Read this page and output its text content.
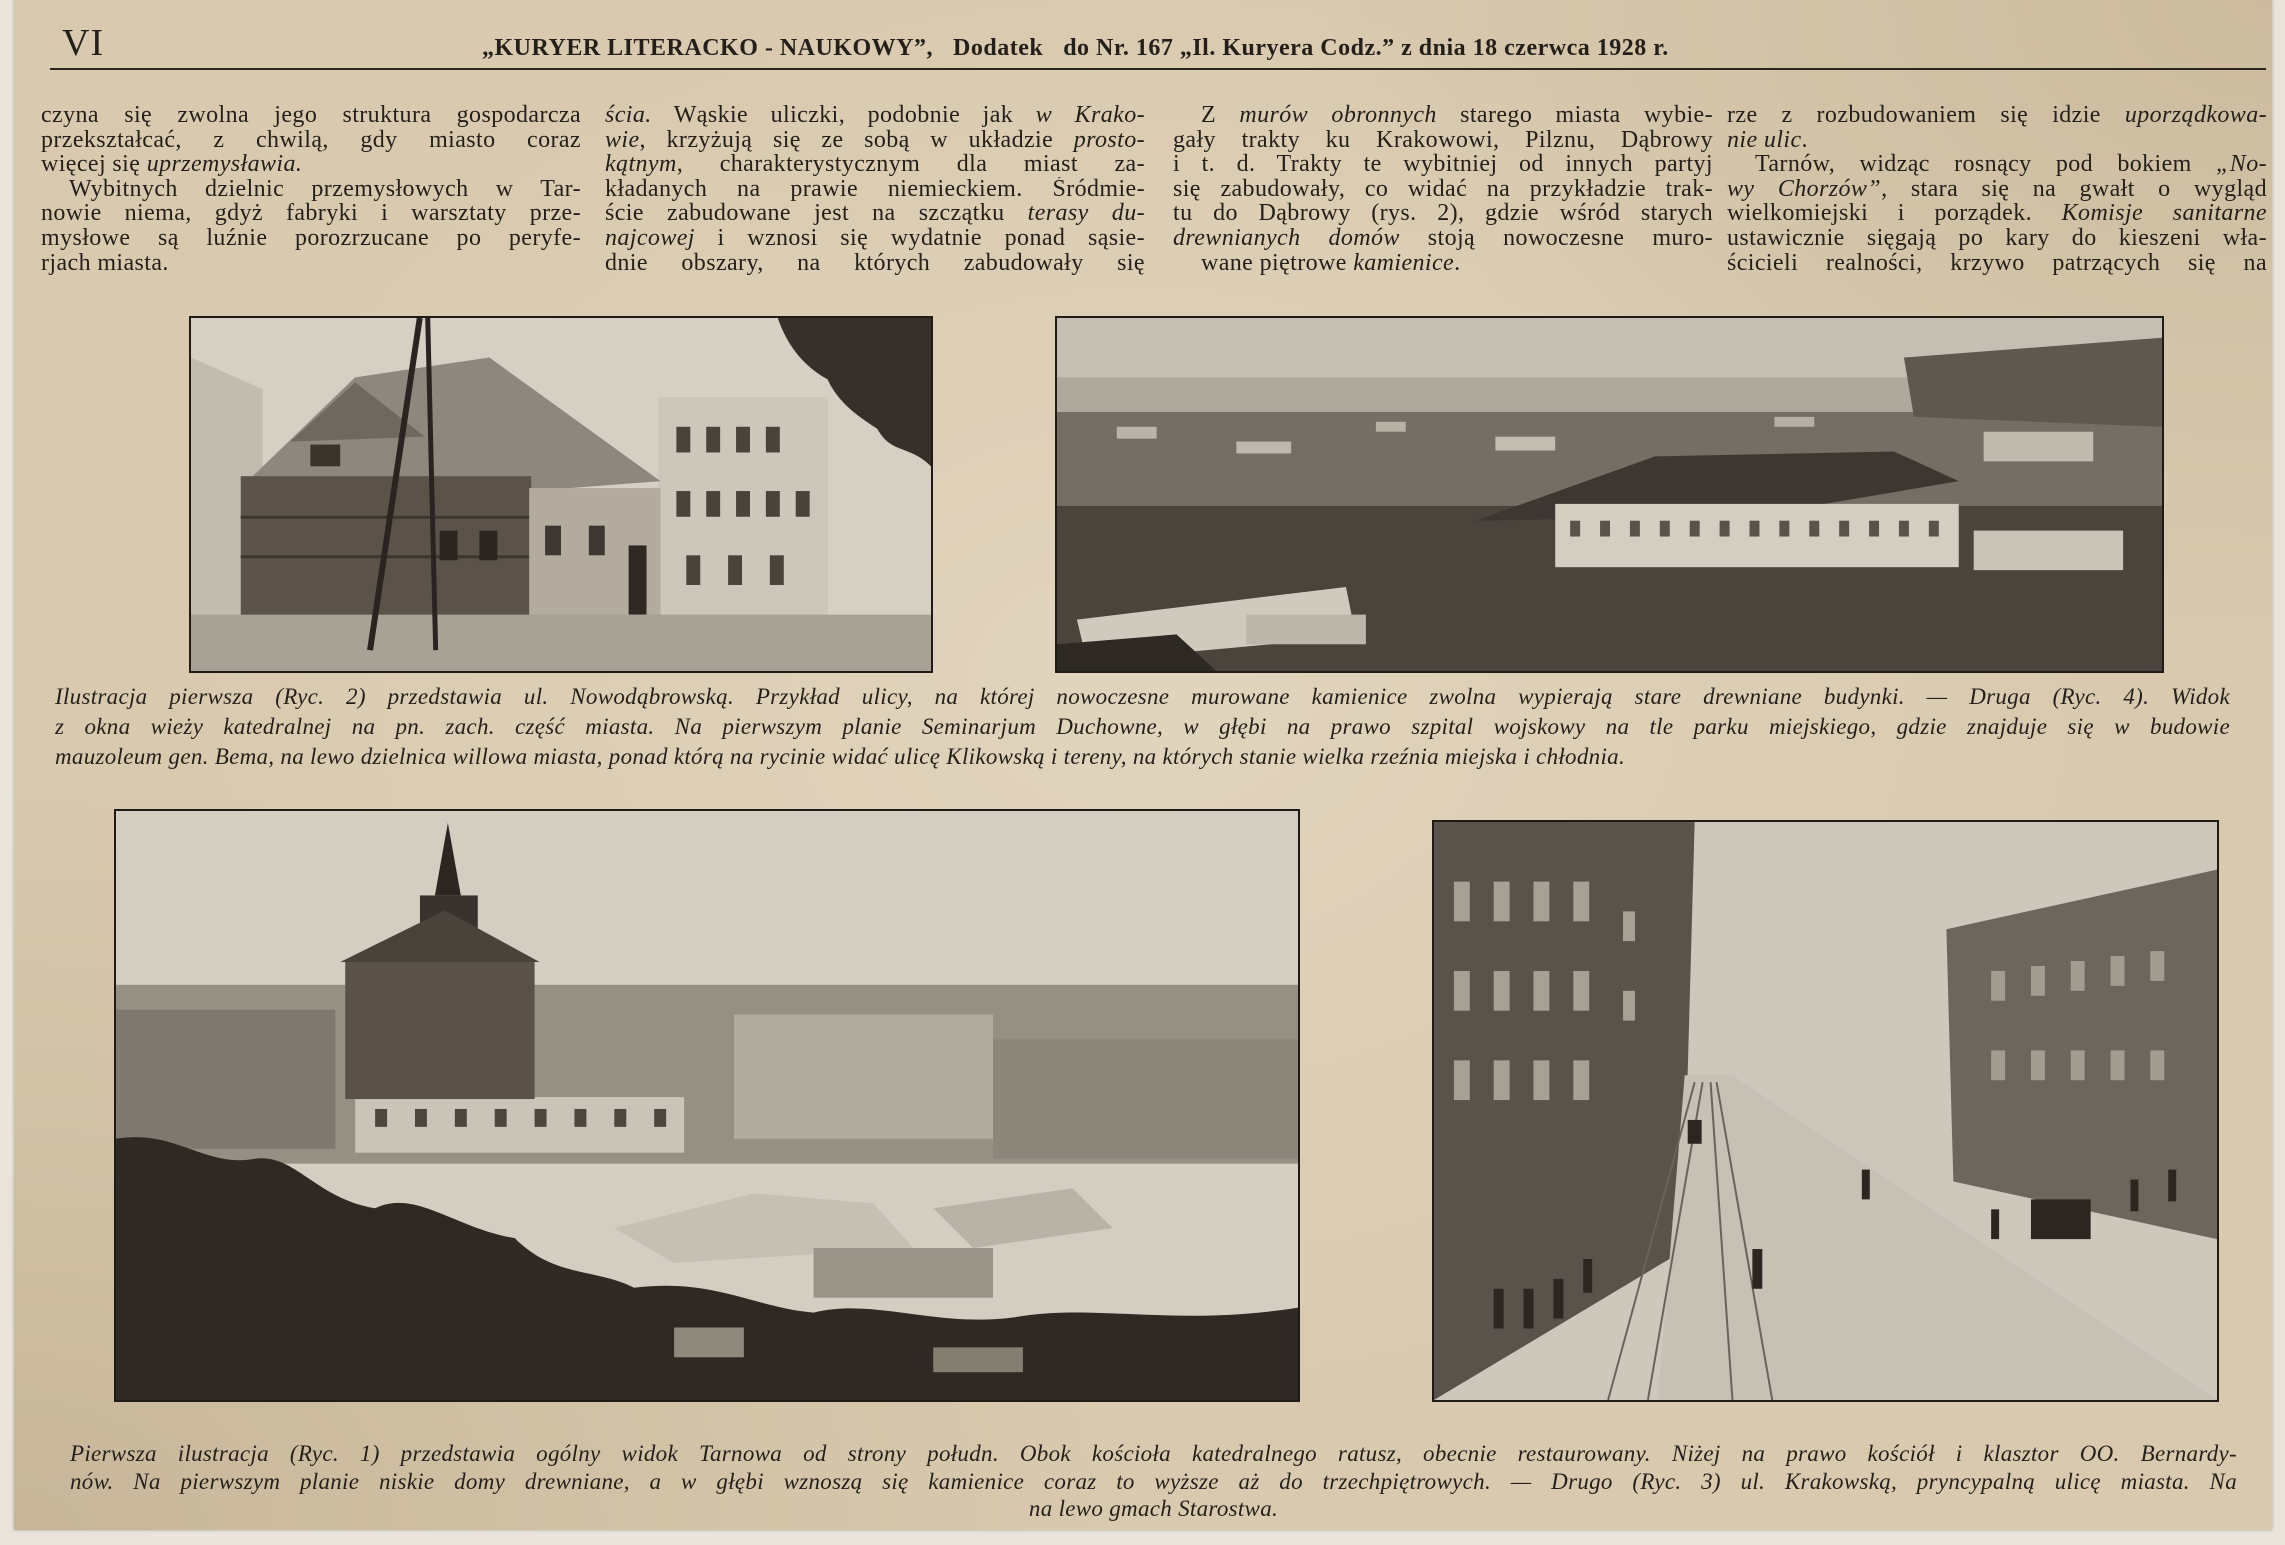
VI	„KURYER LITERACKO - NAUKOWY”, Dodatek do Nr. 167 „Il. Kuryera Codz.” z dnia 18 czerwca 1928 r.
czyna się zwolna jego struktura gospodarcza
przekształcać, z chwilą, gdy miasto coraz
więcej się uprzemysławia.
Wybitnych dzielnic przemysłowych w Tar-
nowie niema, gdyż fabryki i warsztaty prze-
mysłowe są luźnie porozrzucane po peryfe-
rjach miasta.
ścia. Wąskie uliczki, podobnie jak w Krako-
wie, krzyżują się ze sobą w układzie prosto-
kątnym, charakterystycznym dla miast za-
kładanych na prawie niemieckiem. Śródmie-
ście zabudowane jest na szczątku terasy du-
najcowej i wznosi się wydatnie ponad sąsie-
dnie obszary, na których zabudowały się
Z murów obronnych starego miasta wybie-
gały trakty ku Krakowowi, Pilznu, Dąbrowy
i t. d. Trakty te wybitniej od innych partyj
się zabudowały, co widać na przykładzie trak-
tu do Dąbrowy (rys. 2), gdzie wśród starych
drewnianych domów stoją nowoczesne muro-
wane piętrowe kamienice.
rze z rozbudowaniem się idzie uporządkowa-
nie ulic.
Tarnów, widząc rosnący pod bokiem „No-
wy Chorzów”, stara się na gwałt o wygląd
wielkomiejski i porządek. Komisje sanitarne
ustawicznie sięgają po kary do kieszeni wła-
ścicieli realności, krzywo patrzących się na
Ilustracja pierwsza (Ryc. 2) przedstawia ul. Nowodąbrowską. Przykład ulicy, na której nowoczesne murowane kamienice zwolna wypierają stare drewniane budynki. — Druga (Ryc. 4). Widok
z okna wieży katedralnej na pn. zach. część miasta. Na pierwszym planie Seminarjum Duchowne, w głębi na prawo szpital wojskowy na tle parku miejskiego, gdzie znajduje się w budowie
mauzoleum gen. Bema, na lewo dzielnica willowa miasta, ponad którą na rycinie widać ulicę Klikowską i tereny, na których stanie wielka rzeźnia miejska i chłodnia.
Pierwsza ilustracja (Ryc. 1) przedstawia ogólny widok Tarnowa od strony połudn. Obok kościoła katedralnego ratusz, obecnie restaurowany. Niżej na prawo kościół i klasztor OO. Bernardy-
nów. Na pierwszym planie niskie domy drewniane, a w głębi wznoszą się kamienice coraz to wyższe aż do trzechpiętrowych. — Drugo (Ryc. 3) ul. Krakowską, pryncypalną ulicę miasta. Na
na lewo gmach Starostwa.
